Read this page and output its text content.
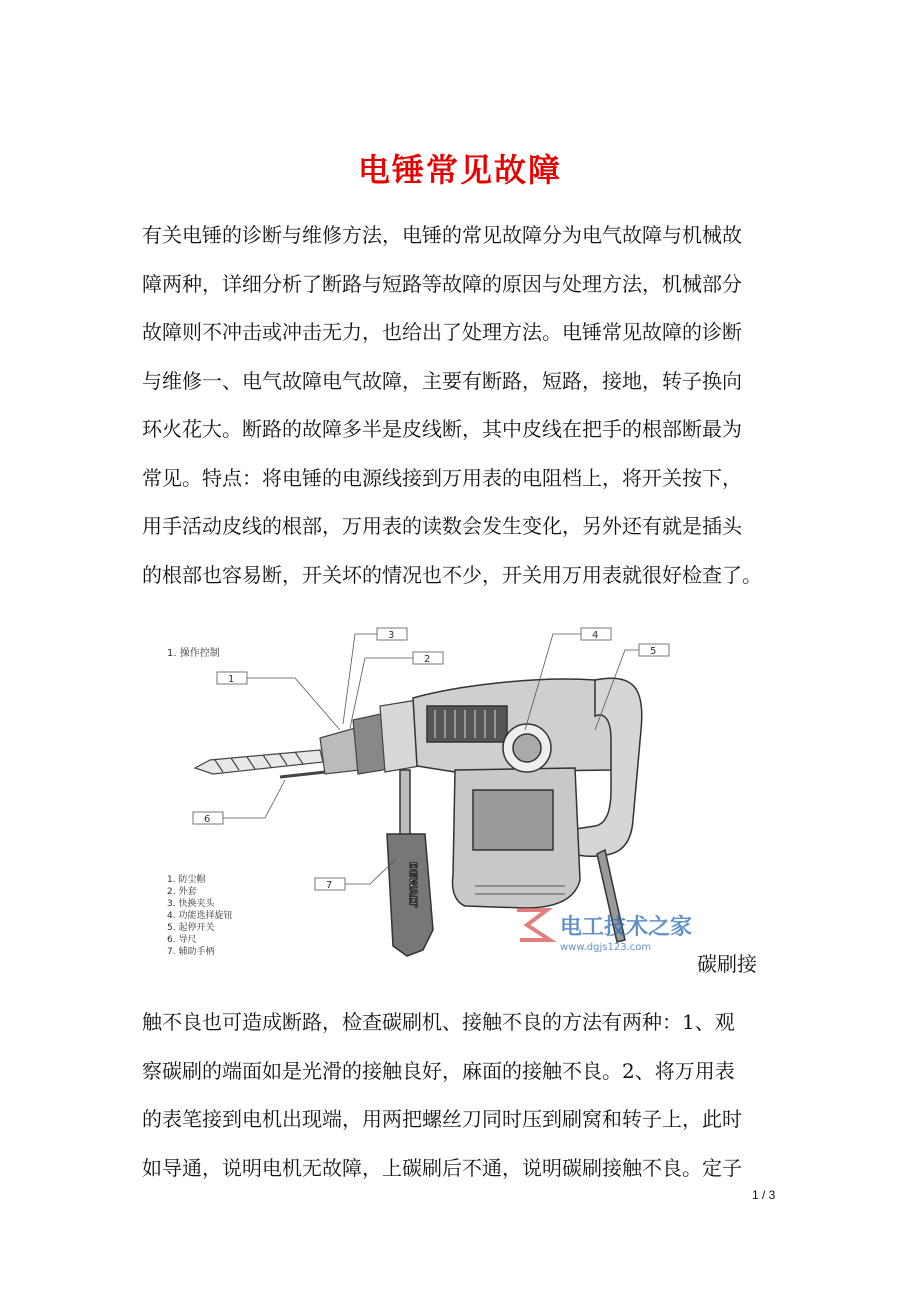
电锤常见故障
有关电锤的诊断与维修方法，电锤的常见故障分为电气故障与机械故
障两种，详细分析了断路与短路等故障的原因与处理方法，机械部分
故障则不冲击或冲击无力，也给出了处理方法。电锤常见故障的诊断
与维修一、电气故障电气故障，主要有断路，短路，接地，转子换向
环火花大。断路的故障多半是皮线断，其中皮线在把手的根部断最为
常见。特点：将电锤的电源线接到万用表的电阻档上，将开关按下，
用手活动皮线的根部，万用表的读数会发生变化，另外还有就是插头
的根部也容易断，开关坏的情况也不少，开关用万用表就很好检查了。
1. 操作控制
DEWALT
1
2
3	4
5
6
7
1. 防尘帽
2. 外套
3. 快换夹头
4. 功能选择旋钮
5. 起停开关
6. 导尺
7. 辅助手柄
电工技术之家
www.dgjs123.com
碳刷接
触不良也可造成断路，检查碳刷机、接触不良的方法有两种：1、观
察碳刷的端面如是光滑的接触良好，麻面的接触不良。2、将万用表
的表笔接到电机出现端，用两把螺丝刀同时压到刷窝和转子上，此时
如导通，说明电机无故障，上碳刷后不通，说明碳刷接触不良。定子
1 / 3
